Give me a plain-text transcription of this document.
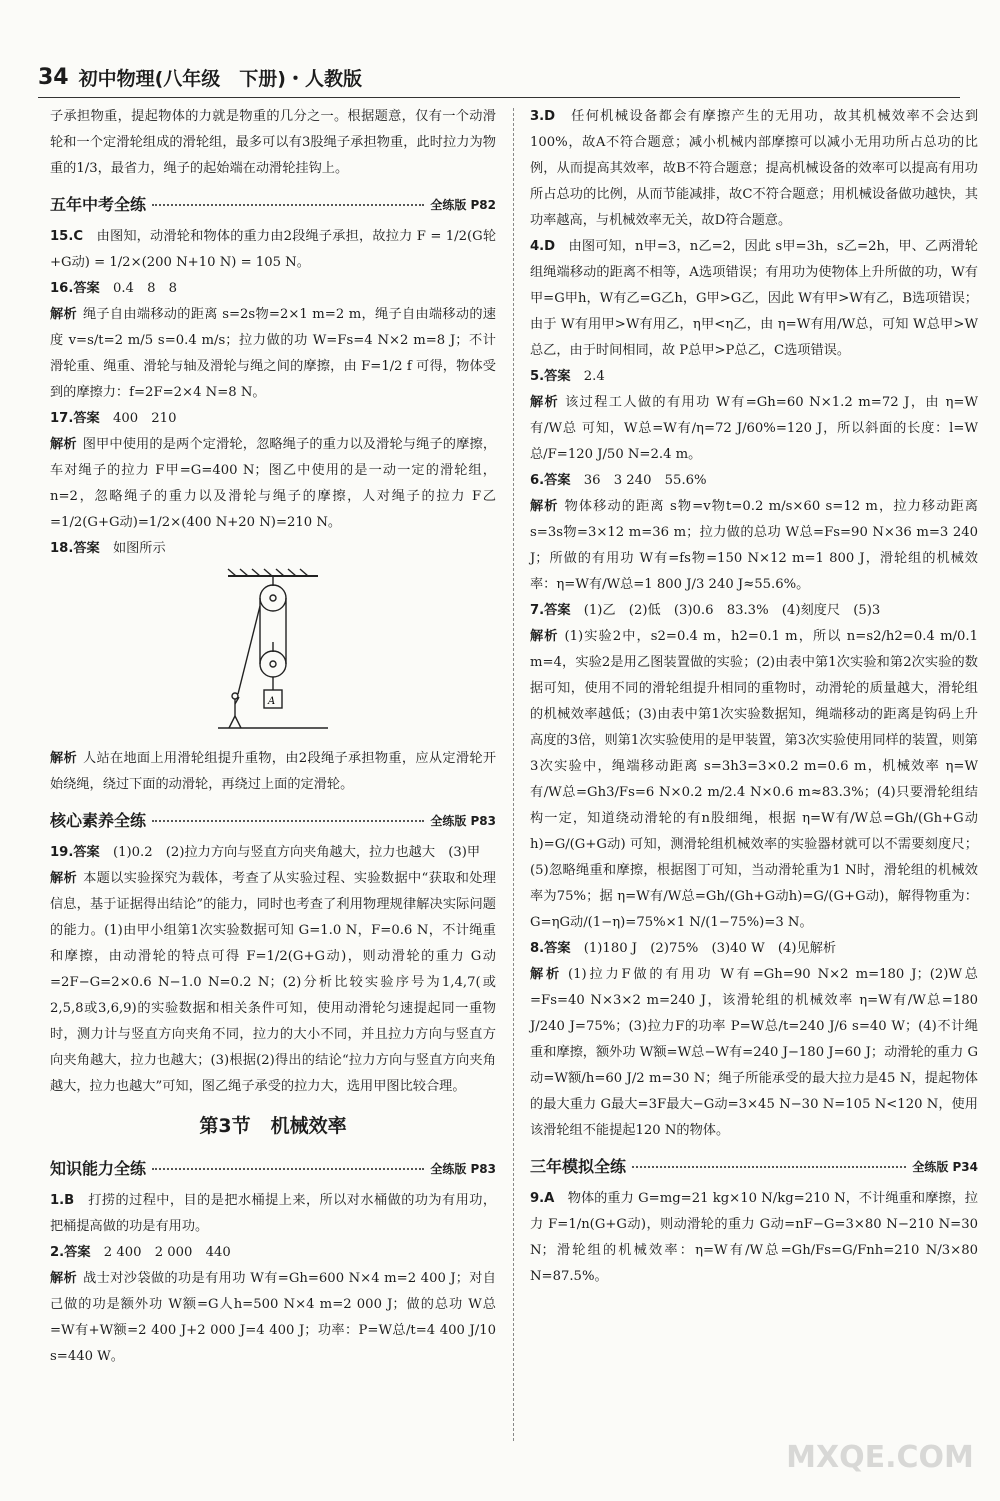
34 初中物理(八年级　下册)・人教版

子承担物重，提起物体的力就是物重的几分之一。根据题意，仅有一个动滑轮和一个定滑轮组成的滑轮组，最多可以有3股绳子承担物重，此时拉力为物重的1/3，最省力，绳子的起始端在动滑轮挂钩上。

五年中考全练	全练版 P82

15.C　 由图知，动滑轮和物体的重力由2段绳子承担，故拉力 F = 1/2(G轮+G动) = 1/2×(200 N+10 N) = 105 N。

16.答案　 0.4　8　8

解析 绳子自由端移动的距离 s=2s物=2×1 m=2 m，绳子自由端移动的速度 v=s/t=2 m/5 s=0.4 m/s；拉力做的功 W=Fs=4 N×2 m=8 J；不计滑轮重、绳重、滑轮与轴及滑轮与绳之间的摩擦，由 F=1/2 f 可得，物体受到的摩擦力：f=2F=2×4 N=8 N。

17.答案　 400　210

解析 图甲中使用的是两个定滑轮，忽略绳子的重力以及滑轮与绳子的摩擦，车对绳子的拉力 F甲=G=400 N；图乙中使用的是一动一定的滑轮组，n=2，忽略绳子的重力以及滑轮与绳子的摩擦，人对绳子的拉力 F乙=1/2(G+G动)=1/2×(400 N+20 N)=210 N。

18.答案　 如图所示

A

解析 人站在地面上用滑轮组提升重物，由2段绳子承担物重，应从定滑轮开始绕绳，绕过下面的动滑轮，再绕过上面的定滑轮。

核心素养全练	全练版 P83

19.答案　 (1)0.2　(2)拉力方向与竖直方向夹角越大，拉力也越大　(3)甲

解析 本题以实验探究为载体，考查了从实验过程、实验数据中“获取和处理信息，基于证据得出结论”的能力，同时也考查了利用物理规律解决实际问题的能力。(1)由甲小组第1次实验数据可知 G=1.0 N，F=0.6 N，不计绳重和摩擦，由动滑轮的特点可得 F=1/2(G+G动)，则动滑轮的重力 G动=2F−G=2×0.6 N−1.0 N=0.2 N；(2)分析比较实验序号为1,4,7(或2,5,8或3,6,9)的实验数据和相关条件可知，使用动滑轮匀速提起同一重物时，测力计与竖直方向夹角不同，拉力的大小不同，并且拉力方向与竖直方向夹角越大，拉力也越大；(3)根据(2)得出的结论“拉力方向与竖直方向夹角越大，拉力也越大”可知，图乙绳子承受的拉力大，选用甲图比较合理。

第3节 机械效率
知识能力全练	全练版 P83

1.B　 打捞的过程中，目的是把水桶提上来，所以对水桶做的功为有用功，把桶提高做的功是有用功。

2.答案　 2 400　2 000　440

解析 战士对沙袋做的功是有用功 W有=Gh=600 N×4 m=2 400 J；对自己做的功是额外功 W额=G人h=500 N×4 m=2 000 J；做的总功 W总=W有+W额=2 400 J+2 000 J=4 400 J；功率：P=W总/t=4 400 J/10 s=440 W。

3.D　 任何机械设备都会有摩擦产生的无用功，故其机械效率不会达到100%，故A不符合题意；减小机械内部摩擦可以减小无用功所占总功的比例，从而提高其效率，故B不符合题意；提高机械设备的效率可以提高有用功所占总功的比例，从而节能减排，故C不符合题意；用机械设备做功越快，其功率越高，与机械效率无关，故D符合题意。

4.D　 由图可知，n甲=3，n乙=2，因此 s甲=3h，s乙=2h，甲、乙两滑轮组绳端移动的距离不相等，A选项错误；有用功为使物体上升所做的功，W有甲=G甲h，W有乙=G乙h，G甲>G乙，因此 W有甲>W有乙，B选项错误；由于 W有用甲>W有用乙，η甲<η乙，由 η=W有用/W总，可知 W总甲>W总乙，由于时间相同，故 P总甲>P总乙，C选项错误。

5.答案　 2.4

解析 该过程工人做的有用功 W有=Gh=60 N×1.2 m=72 J，由 η=W有/W总 可知，W总=W有/η=72 J/60%=120 J，所以斜面的长度：l=W总/F=120 J/50 N=2.4 m。

6.答案　 36　3 240　55.6%

解析 物体移动的距离 s物=v物t=0.2 m/s×60 s=12 m，拉力移动距离 s=3s物=3×12 m=36 m；拉力做的总功 W总=Fs=90 N×36 m=3 240 J；所做的有用功 W有=fs物=150 N×12 m=1 800 J，滑轮组的机械效率：η=W有/W总=1 800 J/3 240 J≈55.6%。

7.答案　 (1)乙　(2)低　(3)0.6　83.3%　(4)刻度尺　(5)3

解析 (1)实验2中，s2=0.4 m，h2=0.1 m，所以 n=s2/h2=0.4 m/0.1 m=4，实验2是用乙图装置做的实验；(2)由表中第1次实验和第2次实验的数据可知，使用不同的滑轮组提升相同的重物时，动滑轮的质量越大，滑轮组的机械效率越低；(3)由表中第1次实验数据知，绳端移动的距离是钩码上升高度的3倍，则第1次实验使用的是甲装置，第3次实验使用同样的装置，则第3次实验中，绳端移动距离 s=3h3=3×0.2 m=0.6 m，机械效率 η=W有/W总=Gh3/Fs=6 N×0.2 m/2.4 N×0.6 m≈83.3%；(4)只要滑轮组结构一定，知道绕动滑轮的有n股细绳，根据 η=W有/W总=Gh/(Gh+G动h)=G/(G+G动) 可知，测滑轮组机械效率的实验器材就可以不需要刻度尺；(5)忽略绳重和摩擦，根据图丁可知，当动滑轮重为1 N时，滑轮组的机械效率为75%；据 η=W有/W总=Gh/(Gh+G动h)=G/(G+G动)，解得物重为：G=ηG动/(1−η)=75%×1 N/(1−75%)=3 N。

8.答案　 (1)180 J　(2)75%　(3)40 W　(4)见解析

解析 (1)拉力F做的有用功 W有=Gh=90 N×2 m=180 J；(2)W总=Fs=40 N×3×2 m=240 J，该滑轮组的机械效率 η=W有/W总=180 J/240 J=75%；(3)拉力F的功率 P=W总/t=240 J/6 s=40 W；(4)不计绳重和摩擦，额外功 W额=W总−W有=240 J−180 J=60 J；动滑轮的重力 G动=W额/h=60 J/2 m=30 N；绳子所能承受的最大拉力是45 N，提起物体的最大重力 G最大=3F最大−G动=3×45 N−30 N=105 N<120 N，使用该滑轮组不能提起120 N的物体。

三年模拟全练	全练版 P34

9.A　 物体的重力 G=mg=21 kg×10 N/kg=210 N，不计绳重和摩擦，拉力 F=1/n(G+G动)，则动滑轮的重力 G动=nF−G=3×80 N−210 N=30 N；滑轮组的机械效率：η=W有/W总=Gh/Fs=G/Fnh=210 N/3×80 N=87.5%。

MXQE.COM
